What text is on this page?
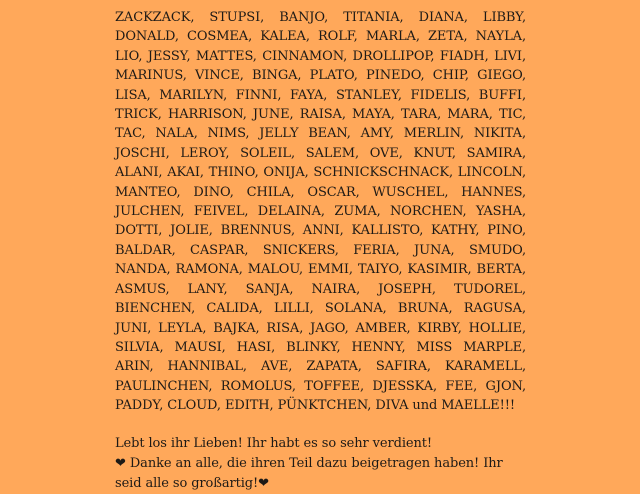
ZACKZACK, STUPSI, BANJO, TITANIA, DIANA, LIBBY, DONALD, COSMEA, KALEA, ROLF, MARLA, ZETA, NAYLA, LIO, JESSY, MATTES, CINNAMON, DROLLIPOP, FIADH, LIVI, MARINUS, VINCE, BINGA, PLATO, PINEDO, CHIP, GIEGO, LISA, MARILYN, FINNI, FAYA, STANLEY, FIDELIS, BUFFI, TRICK, HARRISON, JUNE, RAISA, MAYA, TARA, MARA, TIC, TAC, NALA, NIMS, JELLY BEAN, AMY, MERLIN, NIKITA, JOSCHI, LEROY, SOLEIL, SALEM, OVE, KNUT, SAMIRA, ALANI, AKAI, THINO, ONIJA, SCHNICKSCHNACK, LINCOLN, MANTEO, DINO, CHILA, OSCAR, WUSCHEL, HANNES, JULCHEN, FEIVEL, DELAINA, ZUMA, NORCHEN, YASHA, DOTTI, JOLIE, BRENNUS, ANNI, KALLISTO, KATHY, PINO, BALDAR, CASPAR, SNICKERS, FERIA, JUNA, SMUDO, NANDA, RAMONA, MALOU, EMMI, TAIYO, KASIMIR, BERTA, ASMUS, LANY, SANJA, NAIRA, JOSEPH, TUDOREL, BIENCHEN, CALIDA, LILLI, SOLANA, BRUNA, RAGUSA, JUNI, LEYLA, BAJKA, RISA, JAGO, AMBER, KIRBY, HOLLIE, SILVIA, MAUSI, HASI, BLINKY, HENNY, MISS MARPLE, ARIN, HANNIBAL, AVE, ZAPATA, SAFIRA, KARAMELL, PAULINCHEN, ROMOLUS, TOFFEE, DJESSKA, FEE, GJON, PADDY, CLOUD, EDITH, PÜNKTCHEN, DIVA und MAELLE!!!

Lebt los ihr Lieben! Ihr habt es so sehr verdient!

❤ Danke an alle, die ihren Teil dazu beigetragen haben! Ihr seid alle so großartig!❤
